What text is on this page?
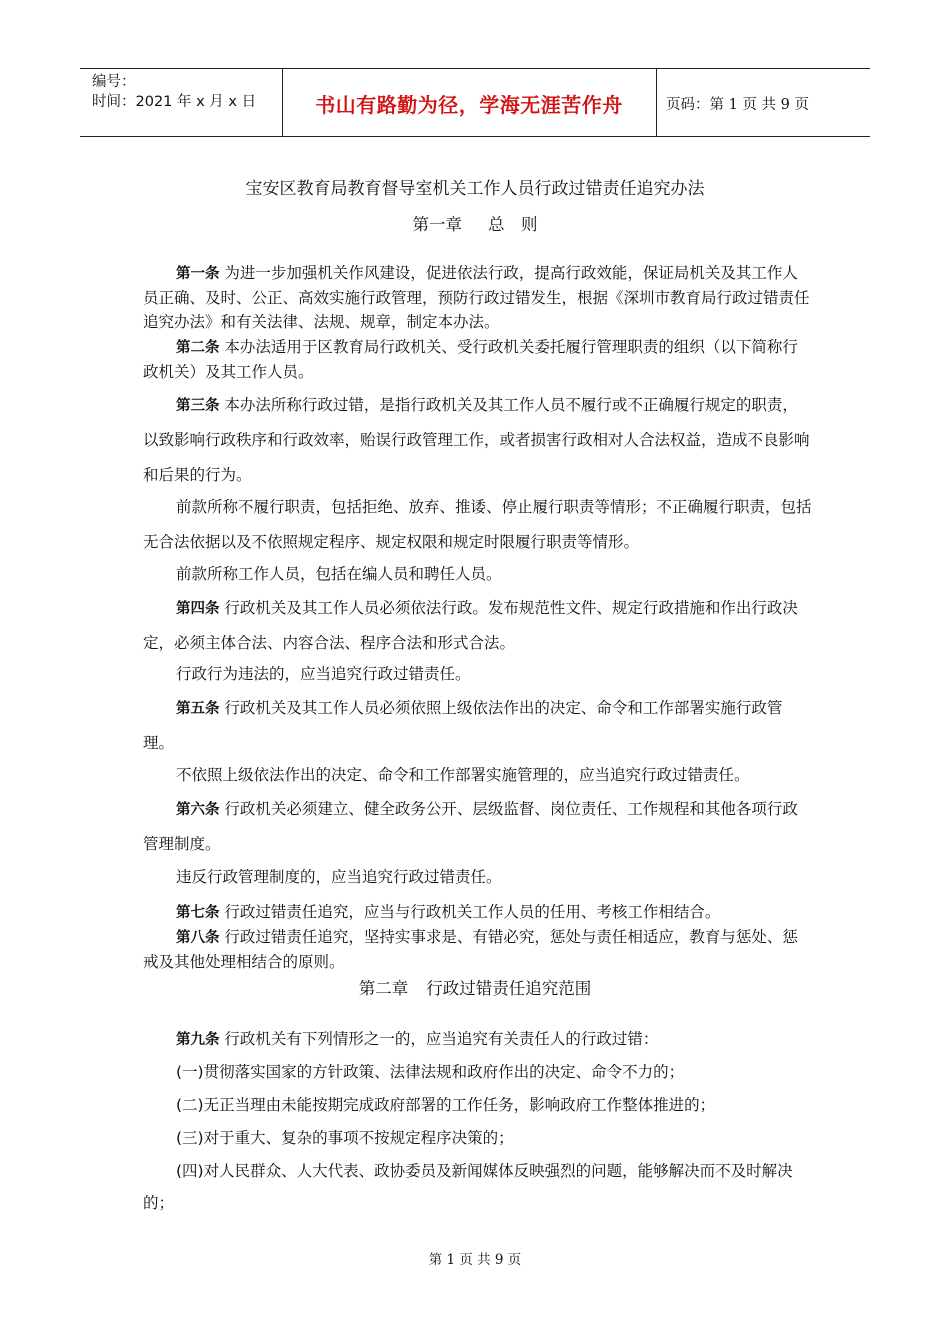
编号：
时间：2021 年 x 月 x 日	书山有路勤为径，学海无涯苦作舟	页码：第 1 页 共 9 页
宝安区教育局教育督导室机关工作人员行政过错责任追究办法
第一章 总　则
第一条 为进一步加强机关作风建设，促进依法行政，提高行政效能，保证局机关及其工作人员正确、及时、公正、高效实施行政管理，预防行政过错发生，根据《深圳市教育局行政过错责任追究办法》和有关法律、法规、规章，制定本办法。
第二条 本办法适用于区教育局行政机关、受行政机关委托履行管理职责的组织（以下简称行政机关）及其工作人员。
第三条 本办法所称行政过错，是指行政机关及其工作人员不履行或不正确履行规定的职责，以致影响行政秩序和行政效率，贻误行政管理工作，或者损害行政相对人合法权益，造成不良影响和后果的行为。
前款所称不履行职责，包括拒绝、放弃、推诿、停止履行职责等情形；不正确履行职责，包括无合法依据以及不依照规定程序、规定权限和规定时限履行职责等情形。
前款所称工作人员，包括在编人员和聘任人员。
第四条 行政机关及其工作人员必须依法行政。发布规范性文件、规定行政措施和作出行政决定，必须主体合法、内容合法、程序合法和形式合法。
行政行为违法的，应当追究行政过错责任。
第五条 行政机关及其工作人员必须依照上级依法作出的决定、命令和工作部署实施行政管理。
不依照上级依法作出的决定、命令和工作部署实施管理的，应当追究行政过错责任。
第六条 行政机关必须建立、健全政务公开、层级监督、岗位责任、工作规程和其他各项行政管理制度。
违反行政管理制度的，应当追究行政过错责任。
第七条 行政过错责任追究，应当与行政机关工作人员的任用、考核工作相结合。
第八条 行政过错责任追究，坚持实事求是、有错必究，惩处与责任相适应，教育与惩处、惩戒及其他处理相结合的原则。
第二章 行政过错责任追究范围
第九条 行政机关有下列情形之一的，应当追究有关责任人的行政过错：
(一)贯彻落实国家的方针政策、法律法规和政府作出的决定、命令不力的；
(二)无正当理由未能按期完成政府部署的工作任务，影响政府工作整体推进的；
(三)对于重大、复杂的事项不按规定程序决策的；
(四)对人民群众、人大代表、政协委员及新闻媒体反映强烈的问题，能够解决而不及时解决的；
第 1 页 共 9 页
